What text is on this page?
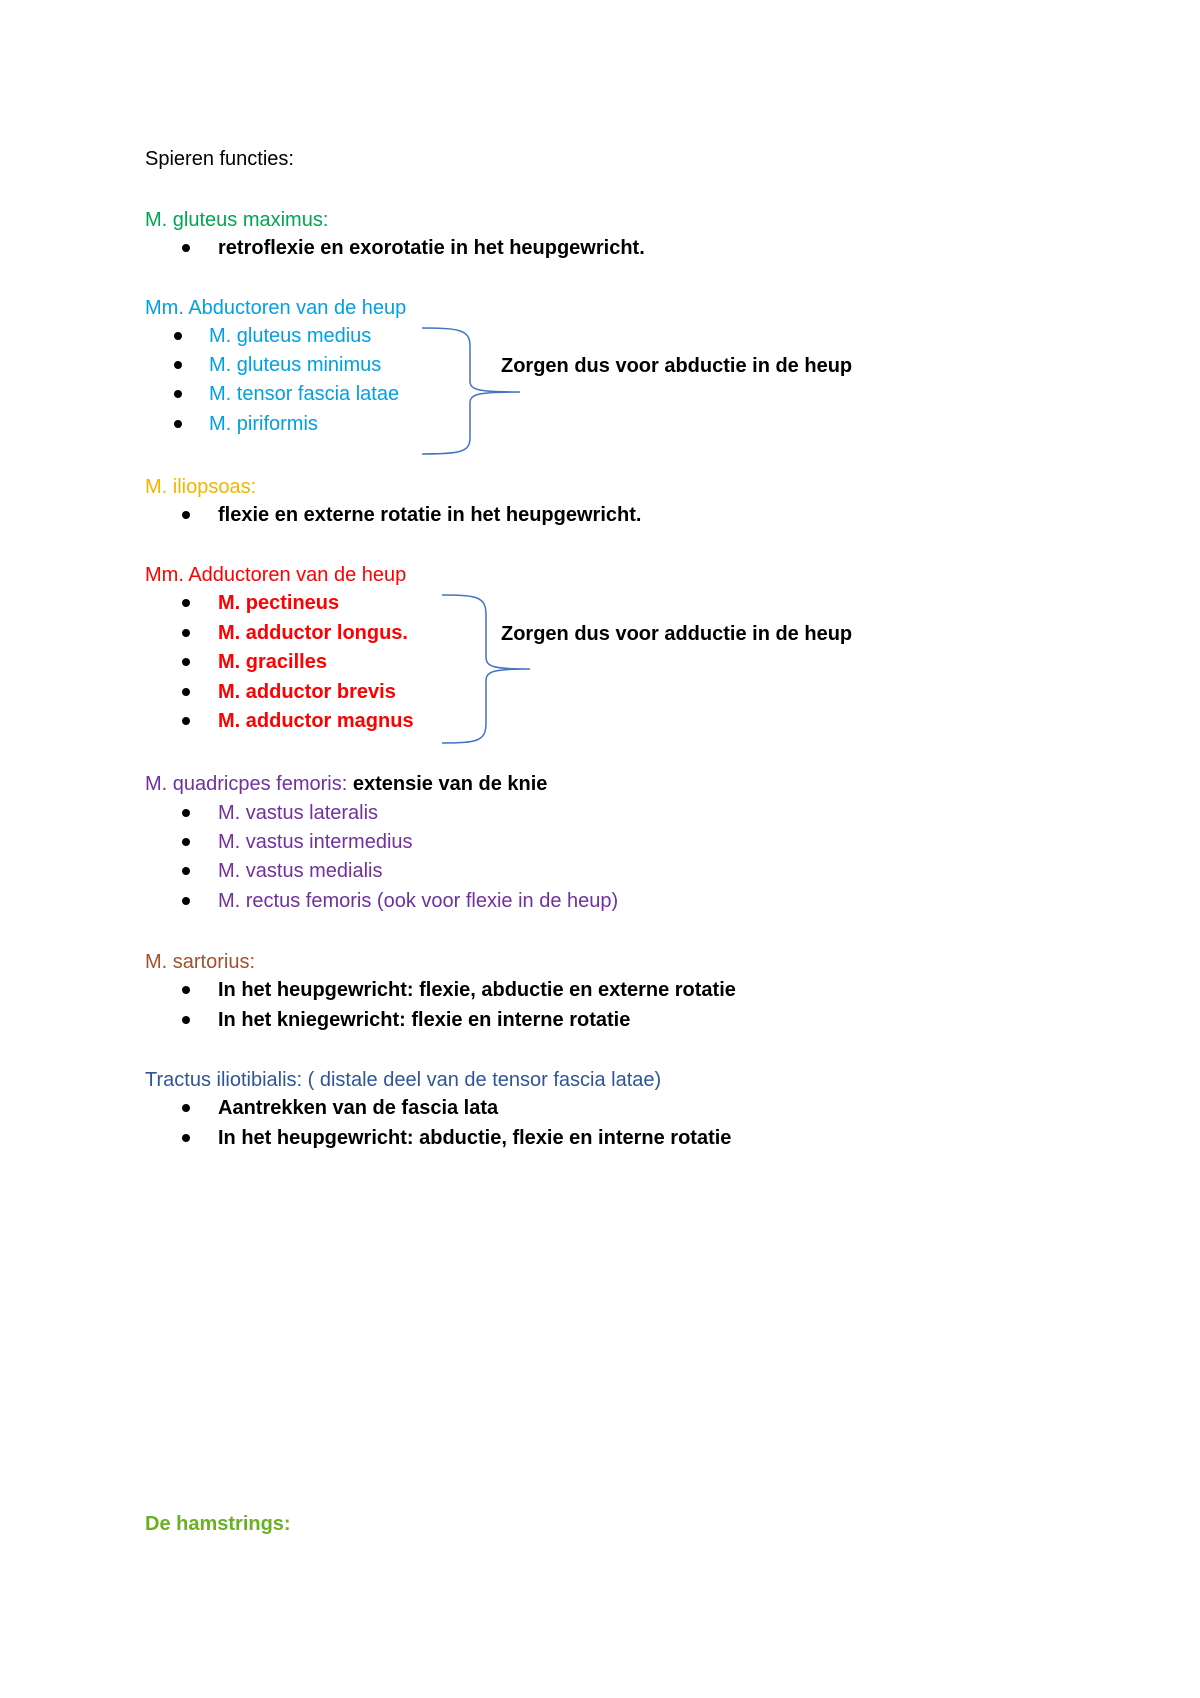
Spieren functies:
M. gluteus maximus:
retroflexie en exorotatie in het heupgewricht.
Mm. Abductoren van de heup
M. gluteus medius
M. gluteus minimus
M. tensor fascia latae
M. piriformis
Zorgen dus voor abductie in de heup
M. iliopsoas:
flexie en externe rotatie in het heupgewricht.
Mm. Adductoren van de heup
M. pectineus
M. adductor longus.
M. gracilles
M. adductor brevis
M. adductor magnus
Zorgen dus voor adductie in de heup
M. quadricpes femoris: extensie van de knie
M. vastus lateralis
M. vastus intermedius
M. vastus medialis
M. rectus femoris (ook voor flexie in de heup)
M. sartorius:
In het heupgewricht: flexie, abductie en externe rotatie
In het kniegewricht: flexie en interne rotatie
Tractus iliotibialis: ( distale deel van de tensor fascia latae)
Aantrekken van de fascia lata
In het heupgewricht: abductie, flexie en interne rotatie
De hamstrings:
